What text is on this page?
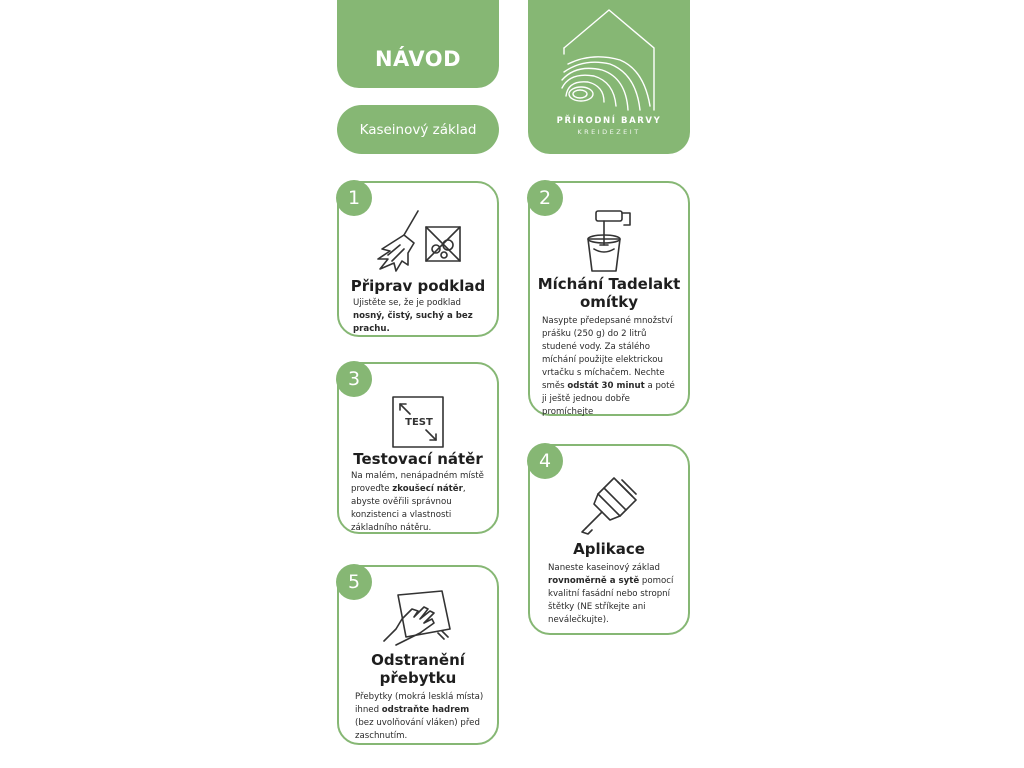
NÁVOD
Kaseinový základ
PŘÍRODNÍ BARVY
KREIDEZEIT
1
Připrav podklad
Ujistěte se, že je podklad nosný, čistý, suchý a bez prachu.
2
Míchání Tadelakt omítky
Nasypte předepsané množství prášku (250 g) do 2 litrů studené vody. Za stálého míchání použijte elektrickou vrtačku s míchačem. Nechte směs odstát 30 minut a poté ji ještě jednou dobře promíchejte
3
TEST
Testovací nátěr
Na malém, nenápadném místě proveďte zkoušecí nátěr, abyste ověřili správnou konzistenci a vlastnosti základního nátěru.
4
Aplikace
Naneste kaseinový základ rovnoměrně a sytě pomocí kvalitní fasádní nebo stropní štětky (NE stříkejte ani neválečkujte).
5
Odstranění přebytku
Přebytky (mokrá lesklá místa) ihned odstraňte hadrem (bez uvolňování vláken) před zaschnutím.
